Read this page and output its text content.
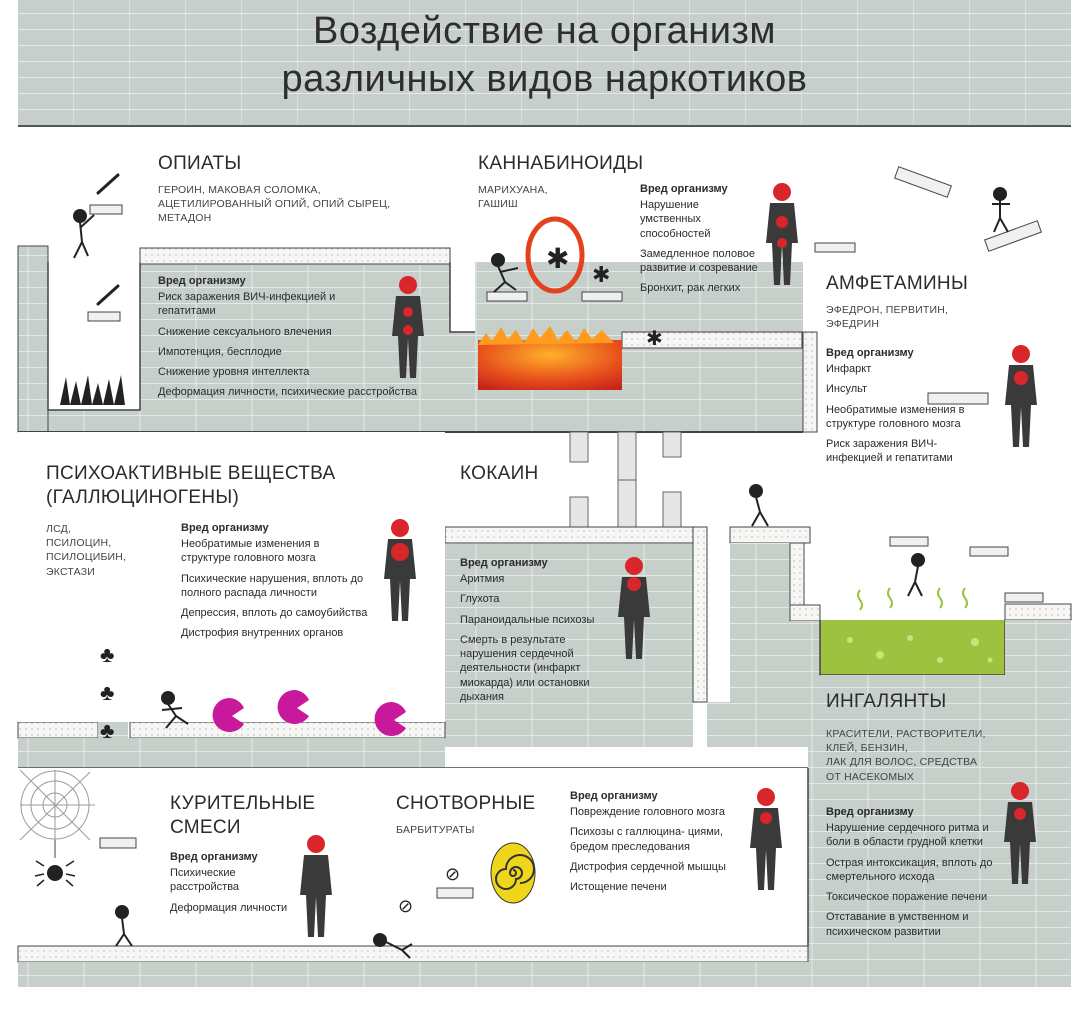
Воздействие на организм
различных видов наркотиков
✱
✱
✱
⊘
⊘
♣
♣
♣
ОПИАТЫ
ГЕРОИН, МАКОВАЯ СОЛОМКА,
АЦЕТИЛИРОВАННЫЙ ОПИЙ, ОПИЙ СЫРЕЦ,
МЕТАДОН
Вред организму
Риск заражения ВИЧ-инфекцией и гепатитами
Снижение сексуального влечения
Импотенция, бесплодие
Снижение уровня интеллекта
Деформация личности, психические расстройства
КАННАБИНОИДЫ
МАРИХУАНА,
ГАШИШ
Вред организму
Нарушение умственных способностей
Замедленное половое развитие и созревание
Бронхит, рак легких	АМФЕТАМИНЫ
ЭФЕДРОН, ПЕРВИТИН,
ЭФЕДРИН
Вред организму
Инфаркт
Инсульт
Необратимые изменения в структуре головного мозга
Риск заражения ВИЧ- инфекцией и гепатитами
ПСИХОАКТИВНЫЕ ВЕЩЕСТВА
(ГАЛЛЮЦИНОГЕНЫ)
ЛСД,
ПСИЛОЦИН,
ПСИЛОЦИБИН,
ЭКСТАЗИ
Вред организму
Необратимые изменения в структуре головного мозга
Психические нарушения, вплоть до полного распада личности
Депрессия, вплоть до самоубийства
Дистрофия внутренних органов
КОКАИН
Вред организму
Аритмия
Глухота
Параноидальные психозы
Смерть в результате нарушения сердечной деятельности (инфаркт миокарда) или остановки дыхания	ИНГАЛЯНТЫ
КРАСИТЕЛИ, РАСТВОРИТЕЛИ,
КЛЕЙ, БЕНЗИН,
ЛАК ДЛЯ ВОЛОС, СРЕДСТВА
ОТ НАСЕКОМЫХ
Вред организму
Нарушение сердечного ритма и боли в области грудной клетки
Острая интоксикация, вплоть до смертельного исхода
Токсическое поражение печени
Отставание в умственном и психическом развитии
КУРИТЕЛЬНЫЕ
СМЕСИ
Вред организму
Психические расстройства
Деформация личности
СНОТВОРНЫЕ
БАРБИТУРАТЫ
Вред организму
Повреждение головного мозга
Психозы с галлюцина- циями, бредом преследования
Дистрофия сердечной мышцы
Истощение печени
